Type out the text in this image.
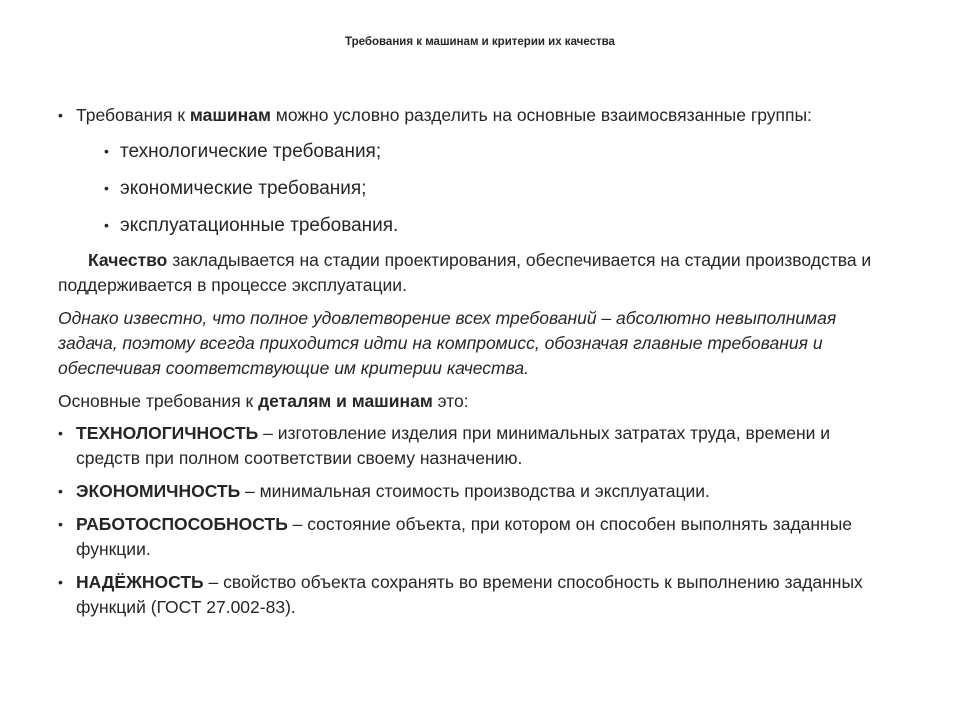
Требования к машинам и критерии их качества
• Требования к машинам можно условно разделить на основные взаимосвязанные группы:
• технологические требования;
• экономические требования;
• эксплуатационные требования.
Качество закладывается на стадии проектирования, обеспечивается на стадии производства и поддерживается в процессе эксплуатации.
Однако известно, что полное удовлетворение всех требований – абсолютно невыполнимая задача, поэтому всегда приходится идти на компромисс, обозначая главные требования и обеспечивая соответствующие им критерии качества.
Основные требования к деталям и машинам это:
• ТЕХНОЛОГИЧНОСТЬ – изготовление изделия при минимальных затратах труда, времени и средств при полном соответствии своему назначению.
• ЭКОНОМИЧНОСТЬ – минимальная стоимость производства и эксплуатации.
• РАБОТОСПОСОБНОСТЬ – состояние объекта, при котором он способен выполнять заданные функции.
• НАДЁЖНОСТЬ – свойство объекта сохранять во времени способность к выполнению заданных функций (ГОСТ 27.002-83).
